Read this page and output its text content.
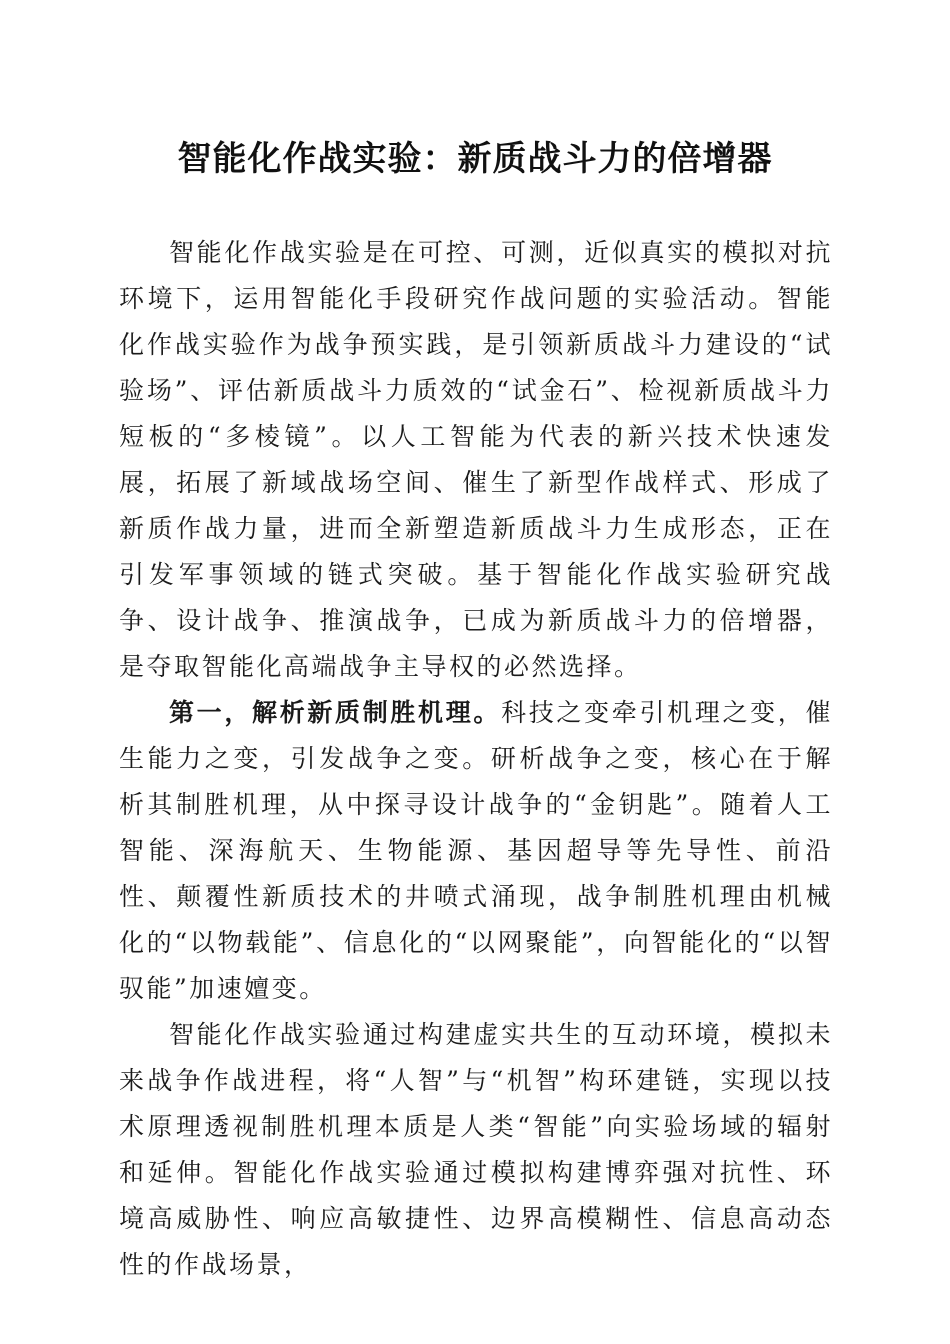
智能化作战实验：新质战斗力的倍增器

智能化作战实验是在可控、可测，近似真实的模拟对抗环境下，运用智能化手段研究作战问题的实验活动。智能化作战实验作为战争预实践，是引领新质战斗力建设的“试验场”、评估新质战斗力质效的“试金石”、检视新质战斗力短板的“多棱镜”。以人工智能为代表的新兴技术快速发展，拓展了新域战场空间、催生了新型作战样式、形成了新质作战力量，进而全新塑造新质战斗力生成形态，正在引发军事领域的链式突破。基于智能化作战实验研究战争、设计战争、推演战争，已成为新质战斗力的倍增器，是夺取智能化高端战争主导权的必然选择。

第一，解析新质制胜机理。科技之变牵引机理之变，催生能力之变，引发战争之变。研析战争之变，核心在于解析其制胜机理，从中探寻设计战争的“金钥匙”。随着人工智能、深海航天、生物能源、基因超导等先导性、前沿性、颠覆性新质技术的井喷式涌现，战争制胜机理由机械化的“以物载能”、信息化的“以网聚能”，向智能化的“以智驭能”加速嬗变。

智能化作战实验通过构建虚实共生的互动环境，模拟未来战争作战进程，将“人智”与“机智”构环建链，实现以技术原理透视制胜机理本质是人类“智能”向实验场域的辐射和延伸。智能化作战实验通过模拟构建博弈强对抗性、环境高威胁性、响应高敏捷性、边界高模糊性、信息高动态性的作战场景，
